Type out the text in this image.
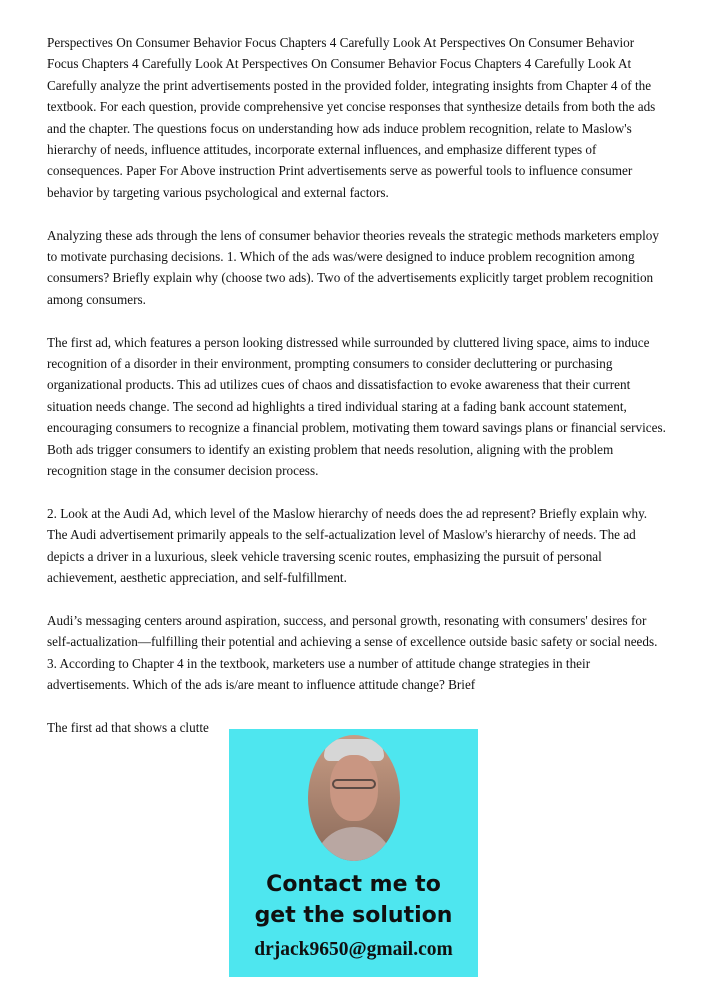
Perspectives On Consumer Behavior Focus Chapters 4 Carefully Look At Perspectives On Consumer Behavior Focus Chapters 4 Carefully Look At Perspectives On Consumer Behavior Focus Chapters 4 Carefully Look At Carefully analyze the print advertisements posted in the provided folder, integrating insights from Chapter 4 of the textbook. For each question, provide comprehensive yet concise responses that synthesize details from both the ads and the chapter. The questions focus on understanding how ads induce problem recognition, relate to Maslow's hierarchy of needs, influence attitudes, incorporate external influences, and emphasize different types of consequences. Paper For Above instruction Print advertisements serve as powerful tools to influence consumer behavior by targeting various psychological and external factors.

Analyzing these ads through the lens of consumer behavior theories reveals the strategic methods marketers employ to motivate purchasing decisions. 1. Which of the ads was/were designed to induce problem recognition among consumers? Briefly explain why (choose two ads). Two of the advertisements explicitly target problem recognition among consumers.

The first ad, which features a person looking distressed while surrounded by cluttered living space, aims to induce recognition of a disorder in their environment, prompting consumers to consider decluttering or purchasing organizational products. This ad utilizes cues of chaos and dissatisfaction to evoke awareness that their current situation needs change. The second ad highlights a tired individual staring at a fading bank account statement, encouraging consumers to recognize a financial problem, motivating them toward savings plans or financial services. Both ads trigger consumers to identify an existing problem that needs resolution, aligning with the problem recognition stage in the consumer decision process.

2. Look at the Audi Ad, which level of the Maslow hierarchy of needs does the ad represent? Briefly explain why. The Audi advertisement primarily appeals to the self-actualization level of Maslow's hierarchy of needs. The ad depicts a driver in a luxurious, sleek vehicle traversing scenic routes, emphasizing the pursuit of personal achievement, aesthetic appreciation, and self-fulfillment.

Audi’s messaging centers around aspiration, success, and personal growth, resonating with consumers' desires for self-actualization—fulfilling their potential and achieving a sense of excellence outside basic safety or social needs. 3. According to Chapter 4 in the textbook, marketers use a number of attitude change strategies in their advertisements. Which of the ads is/are meant to influence attitude change? Brief

The first ad that shows a clutte

Contact me to
get the solution
drjack9650@gmail.com
